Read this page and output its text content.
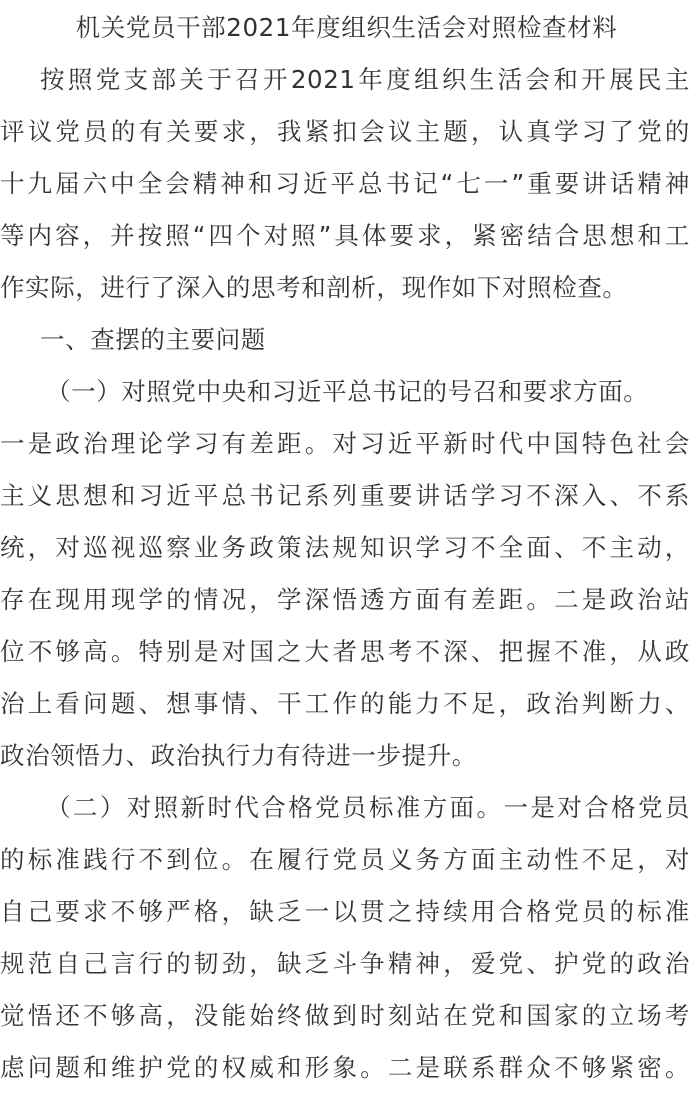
机关党员干部2021年度组织生活会对照检查材料
按照党支部关于召开2021年度组织生活会和开展民主
评议党员的有关要求，我紧扣会议主题，认真学习了党的
十九届六中全会精神和习近平总书记“七一”重要讲话精神
等内容，并按照“四个对照”具体要求，紧密结合思想和工
作实际，进行了深入的思考和剖析，现作如下对照检查。
一、查摆的主要问题
（一）对照党中央和习近平总书记的号召和要求方面。
一是政治理论学习有差距。对习近平新时代中国特色社会
主义思想和习近平总书记系列重要讲话学习不深入、不系
统，对巡视巡察业务政策法规知识学习不全面、不主动，
存在现用现学的情况，学深悟透方面有差距。二是政治站
位不够高。特别是对国之大者思考不深、把握不准，从政
治上看问题、想事情、干工作的能力不足，政治判断力、
政治领悟力、政治执行力有待进一步提升。
（二）对照新时代合格党员标准方面。一是对合格党员
的标准践行不到位。在履行党员义务方面主动性不足，对
自己要求不够严格，缺乏一以贯之持续用合格党员的标准
规范自己言行的韧劲，缺乏斗争精神，爱党、护党的政治
觉悟还不够高，没能始终做到时刻站在党和国家的立场考
虑问题和维护党的权威和形象。二是联系群众不够紧密。
